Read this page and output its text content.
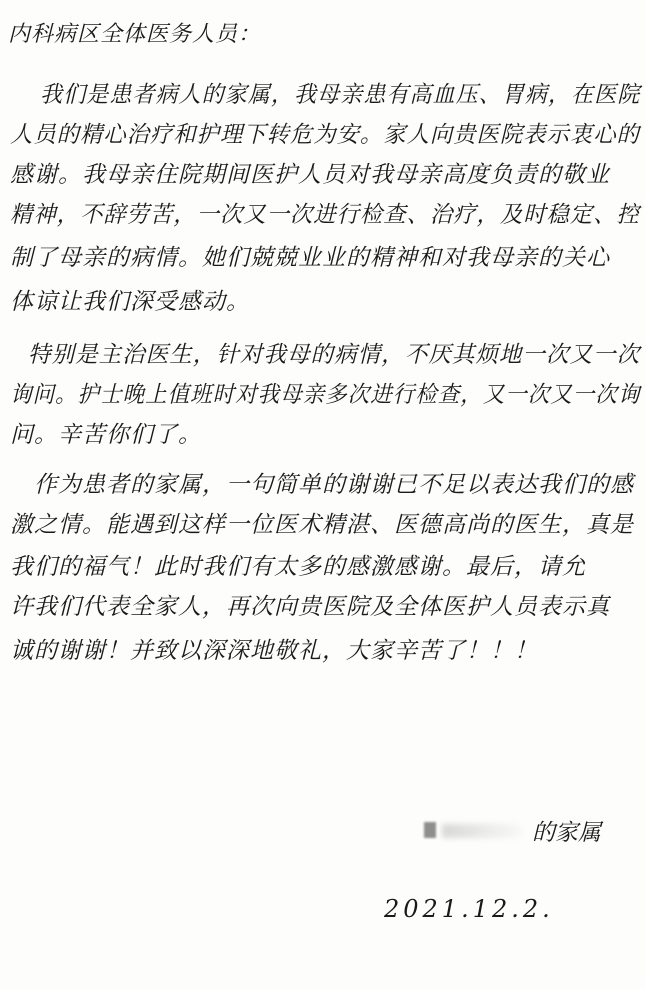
内科病区全体医务人员：
我们是患者病人的家属，我母亲患有高血压、胃病，在医院
人员的精心治疗和护理下转危为安。家人向贵医院表示衷心的
感谢。我母亲住院期间医护人员对我母亲高度负责的敬业
精神，不辞劳苦，一次又一次进行检查、治疗，及时稳定、控
制了母亲的病情。她们兢兢业业的精神和对我母亲的关心
体谅让我们深受感动。
特别是主治医生，针对我母的病情，不厌其烦地一次又一次
询问。护士晚上值班时对我母亲多次进行检查，又一次又一次询
问。辛苦你们了。
作为患者的家属，一句简单的谢谢已不足以表达我们的感
激之情。能遇到这样一位医术精湛、医德高尚的医生，真是
我们的福气！此时我们有太多的感激感谢。最后，请允
许我们代表全家人，再次向贵医院及全体医护人员表示真
诚的谢谢！并致以深深地敬礼，大家辛苦了！！！
的家属
2021.12.2.
